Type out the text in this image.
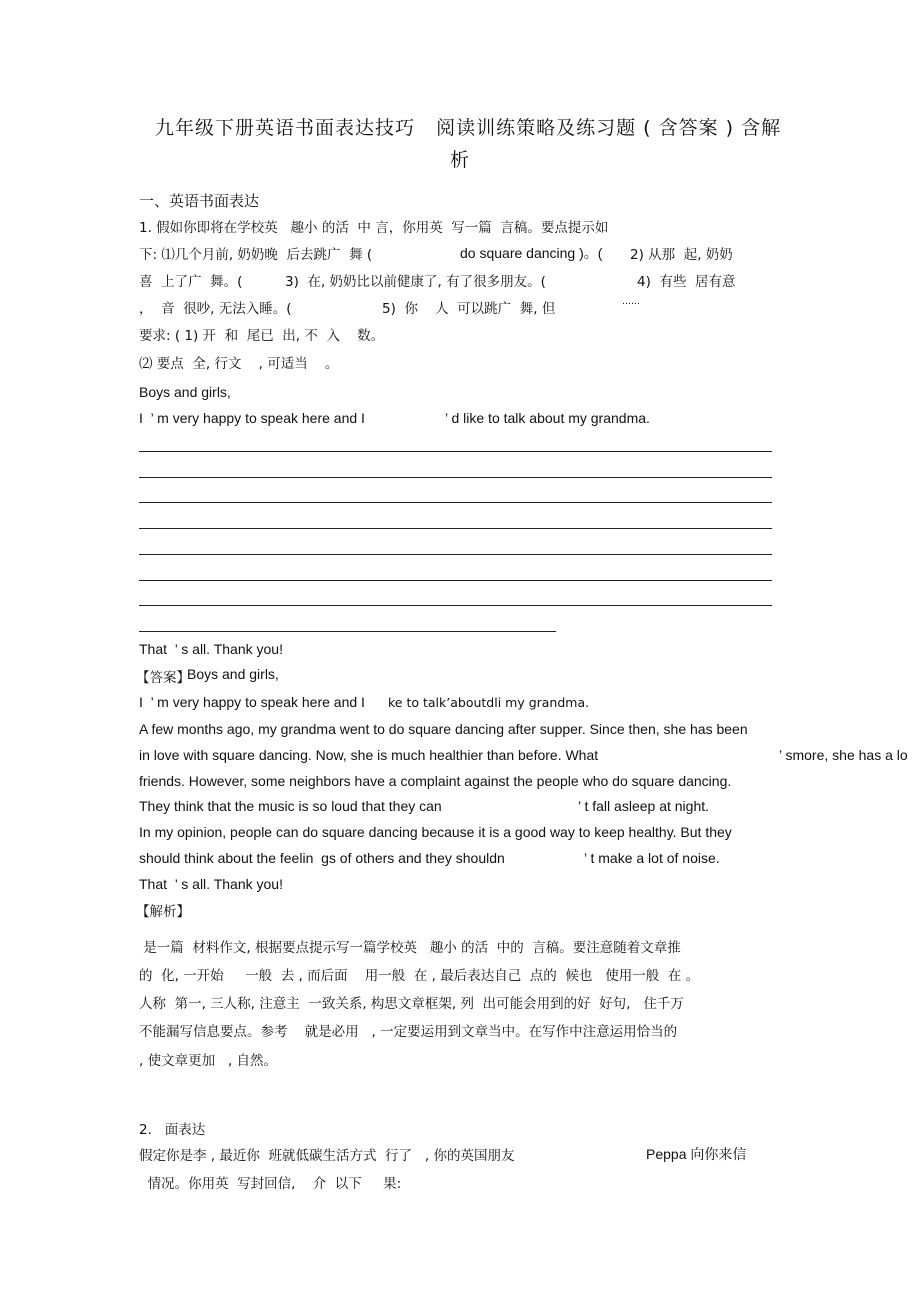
九年级下册英语书面表达技巧   阅读训练策略及练习题 ( 含答案 ) 含解
析
一、英语书面表达
1. 假如你即将在学校英   趣小 的活  中 言，你用英  写一篇  言稿。要点提示如
下: ⑴几个月前, 奶奶晚  后去跳广  舞 (	do square dancing )。( 2) 从那  起, 奶奶
喜  上了广  舞。(	3)  在, 奶奶比以前健康了, 有了很多朋友。(	4)  有些  居有意
，  音  很吵, 无法入睡。(	5)  你    人  可以跳广  舞, 但	……
要求: ( 1) 开  和  尾已  出, 不  入    数。
⑵ 要点  全, 行文    , 可适当    。
Boys and girls,
I  ’ m very happy to speak here and I	’ d like to talk about my grandma.
That  ’ s all. Thank you!
【答案】
Boys and girls,
I  ’ m very happy to speak here and I ke to talk’aboutdli my grandma.
A few months ago, my grandma went to do square dancing after supper. Since then, she has been
in love with square dancing. Now, she is much healthier than before. What	’ smore, she has a lo
friends. However, some neighbors have a complaint against the people who do square dancing.
They think that the music is so loud that they can	’ t fall asleep at night.
In my opinion, people can do square dancing because it is a good way to keep healthy. But they
should think about the feelin  gs of others and they shouldn	’ t make a lot of noise.
That  ’ s all. Thank you!
【解析】
是一篇  材料作文, 根据要点提示写一篇学校英   趣小 的活  中的  言稿。要注意随着文章推
的  化, 一开始     一般  去 , 而后面    用一般  在 , 最后表达自己  点的  候也   使用一般  在 。
人称  第一, 三人称, 注意主  一致关系, 构思文章框架, 列  出可能会用到的好  好句,   住千万
不能漏写信息要点。参考    就是必用   , 一定要运用到文章当中。在写作中注意运用恰当的
, 使文章更加   , 自然。
2.   面表达
假定你是李 , 最近你  班就低碳生活方式  行了   , 你的英国朋友	Peppa 向你来信
情况。你用英  写封回信,    介  以下     果:
